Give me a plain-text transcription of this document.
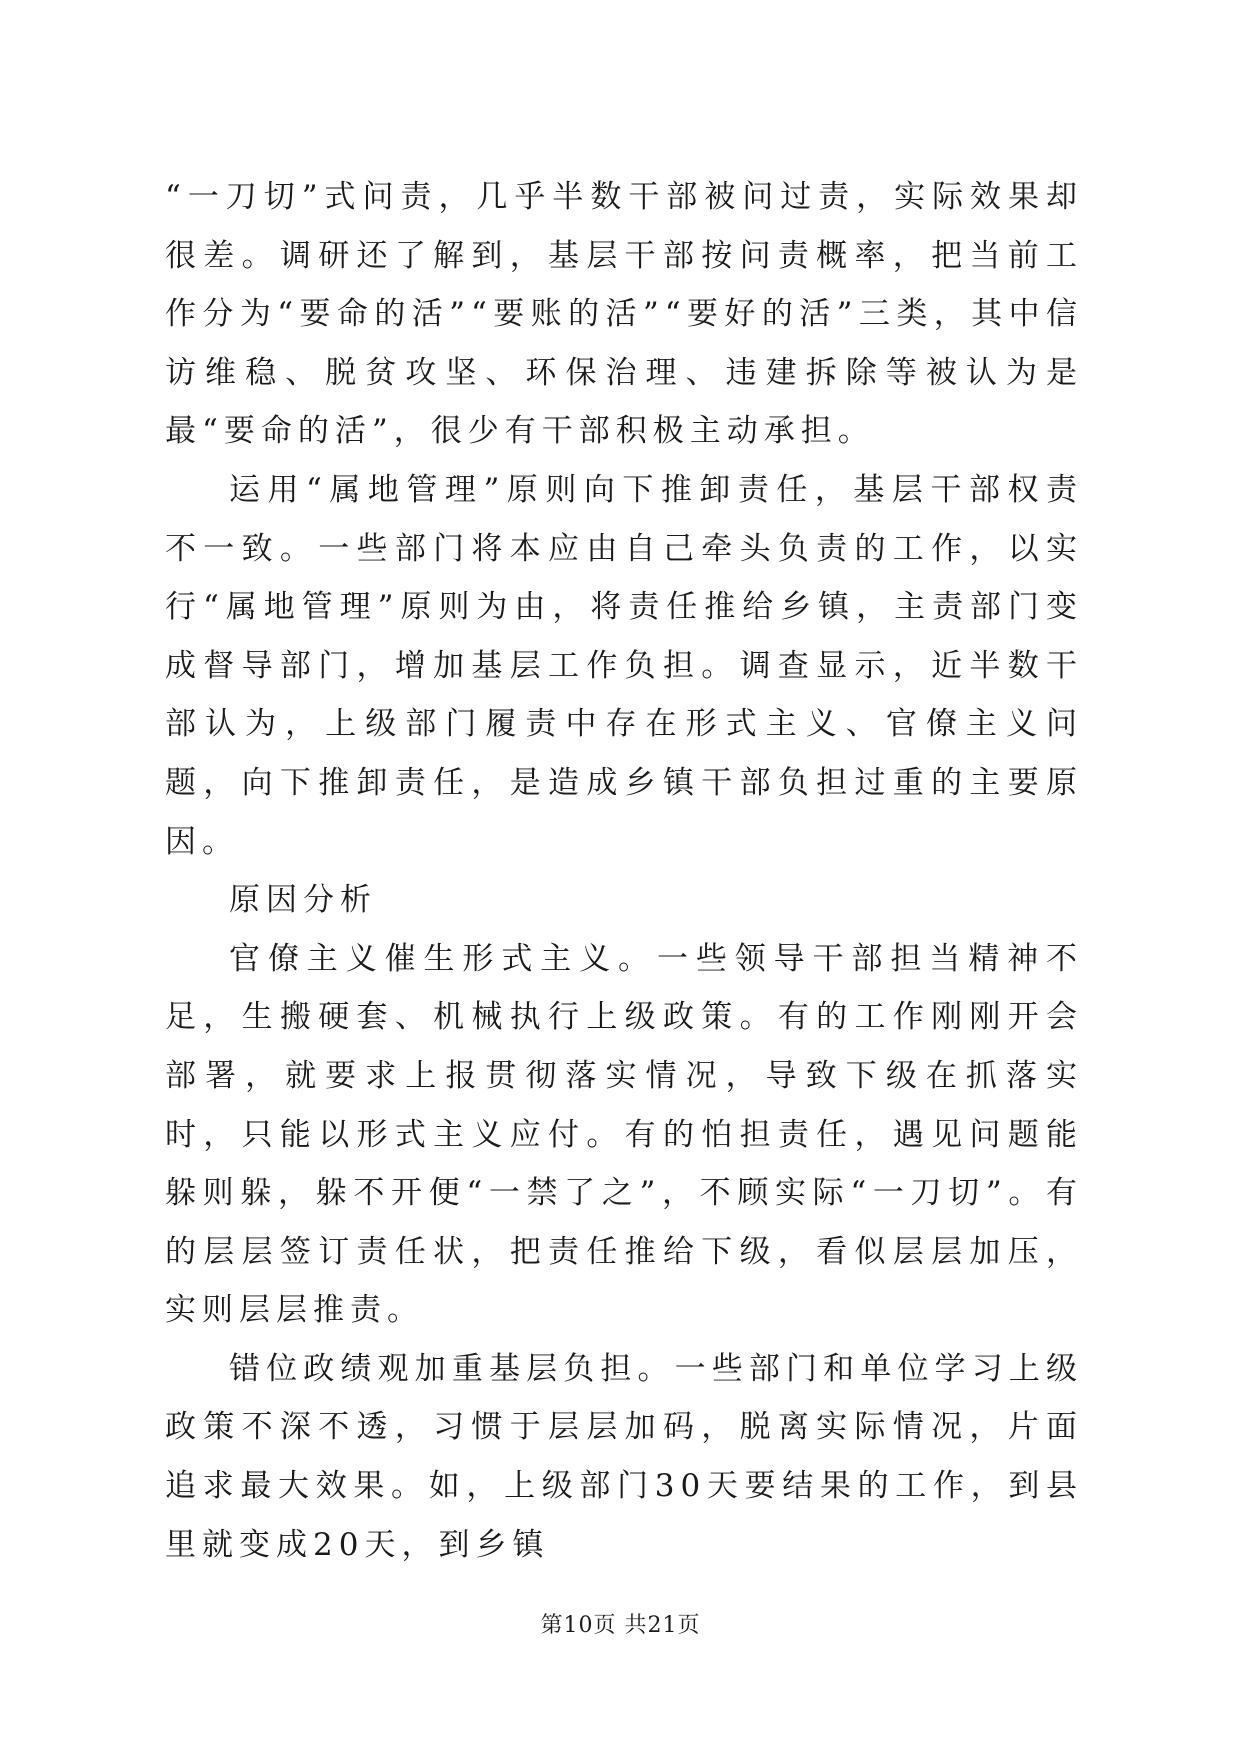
“一刀切”式问责，几乎半数干部被问过责，实际效果却很差。调研还了解到，基层干部按问责概率，把当前工作分为“要命的活”“要账的活”“要好的活”三类，其中信访维稳、脱贫攻坚、环保治理、违建拆除等被认为是最“要命的活”，很少有干部积极主动承担。

运用“属地管理”原则向下推卸责任，基层干部权责不一致。一些部门将本应由自己牵头负责的工作，以实行“属地管理”原则为由，将责任推给乡镇，主责部门变成督导部门，增加基层工作负担。调查显示，近半数干部认为，上级部门履责中存在形式主义、官僚主义问题，向下推卸责任，是造成乡镇干部负担过重的主要原因。

原因分析

官僚主义催生形式主义。一些领导干部担当精神不足，生搬硬套、机械执行上级政策。有的工作刚刚开会部署，就要求上报贯彻落实情况，导致下级在抓落实时，只能以形式主义应付。有的怕担责任，遇见问题能躲则躲，躲不开便“一禁了之”，不顾实际“一刀切”。有的层层签订责任状，把责任推给下级，看似层层加压，实则层层推责。

错位政绩观加重基层负担。一些部门和单位学习上级政策不深不透，习惯于层层加码，脱离实际情况，片面追求最大效果。如，上级部门30天要结果的工作，到县里就变成20天，到乡镇

第10页 共21页
